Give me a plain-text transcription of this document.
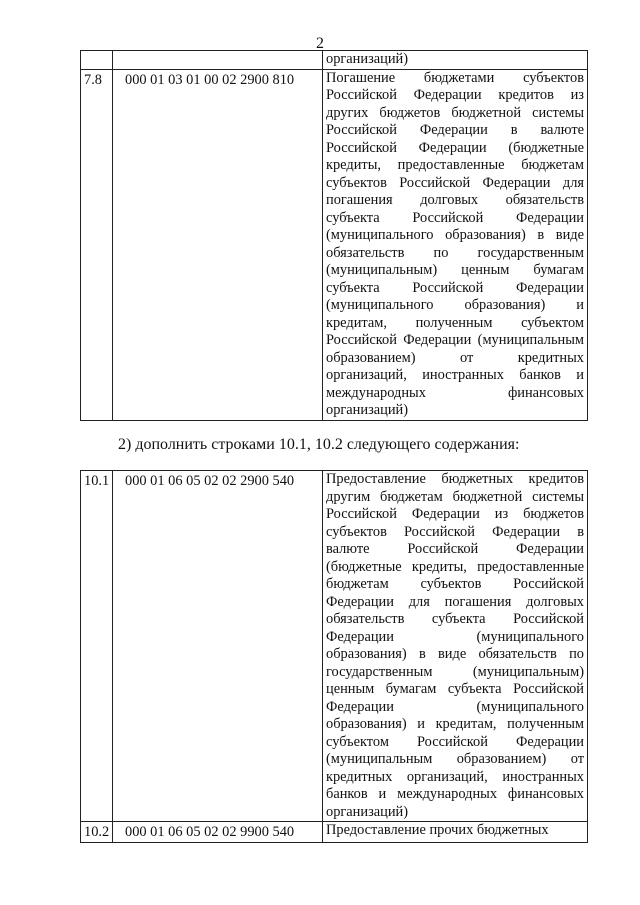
2
		организаций)
7.8	000 01 03 01 00 02 2900 810	Погашение бюджетами субъектов Российской Федерации кредитов из других бюджетов бюджетной системы Российской Федерации в валюте Российской Федерации (бюджетные кредиты, предоставленные бюджетам субъектов Российской Федерации для погашения долговых обязательств субъекта Российской Федерации (муниципального образования) в виде обязательств по государственным (муниципальным) ценным бумагам субъекта Российской Федерации (муниципального образования) и кредитам, полученным субъектом Российской Федерации (муниципальным образованием) от кредитных организаций, иностранных банков и международных финансовых организаций)
2) дополнить строками 10.1, 10.2 следующего содержания:
10.1	000 01 06 05 02 02 2900 540	Предоставление бюджетных кредитов другим бюджетам бюджетной системы Российской Федерации из бюджетов субъектов Российской Федерации в валюте Российской Федерации (бюджетные кредиты, предоставленные бюджетам субъектов Российской Федерации для погашения долговых обязательств субъекта Российской Федерации (муниципального образования) в виде обязательств по государственным (муниципальным) ценным бумагам субъекта Российской Федерации (муниципального образования) и кредитам, полученным субъектом Российской Федерации (муниципальным образованием) от кредитных организаций, иностранных банков и международных финансовых организаций)
10.2	000 01 06 05 02 02 9900 540	Предоставление прочих бюджетных
